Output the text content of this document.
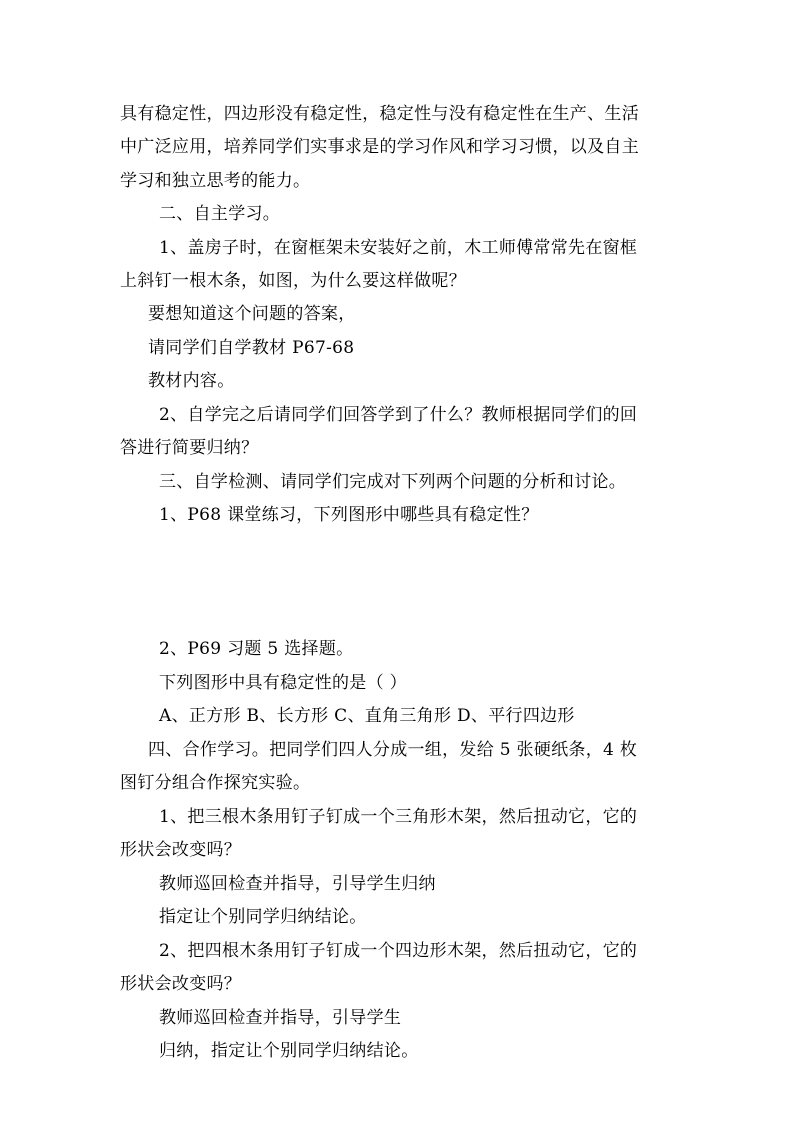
具有稳定性，四边形没有稳定性，稳定性与没有稳定性在生产、生活
中广泛应用，培养同学们实事求是的学习作风和学习习惯，以及自主
学习和独立思考的能力。
二、自主学习。
1、盖房子时，在窗框架未安装好之前，木工师傅常常先在窗框
上斜钉一根木条，如图，为什么要这样做呢？
要想知道这个问题的答案，
请同学们自学教材 P67-68
教材内容。
2、自学完之后请同学们回答学到了什么？教师根据同学们的回
答进行简要归纳？
三、自学检测、请同学们完成对下列两个问题的分析和讨论。
1、P68 课堂练习，下列图形中哪些具有稳定性？
2、P69 习题 5 选择题。
下列图形中具有稳定性的是（ ）
A、正方形 B、长方形 C、直角三角形 D、平行四边形
四、合作学习。把同学们四人分成一组，发给 5 张硬纸条，4 枚
图钉分组合作探究实验。
1、把三根木条用钉子钉成一个三角形木架，然后扭动它，它的
形状会改变吗？
教师巡回检查并指导，引导学生归纳
指定让个别同学归纳结论。
2、把四根木条用钉子钉成一个四边形木架，然后扭动它，它的
形状会改变吗？
教师巡回检查并指导，引导学生
归纳，指定让个别同学归纳结论。
